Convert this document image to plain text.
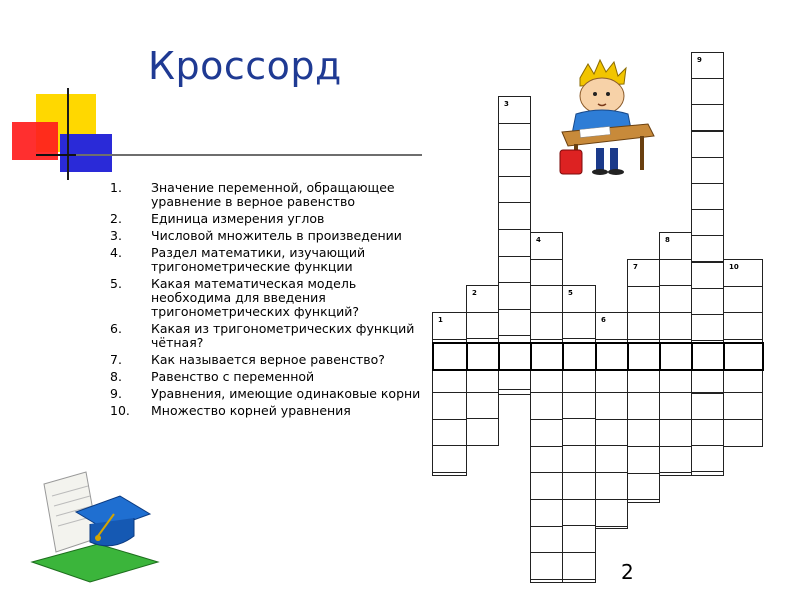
Кроссорд
1. Значение переменной, обращающее уравнение в верное равенство
2. Единица измерения углов
3. Числовой множитель в произведении
4. Раздел математики, изучающий тригонометрические функции
5. Какая математическая модель необходима для введения тригонометрических функций?
6. Какая из тригонометрических функций чётная?
7. Как называется верное равенство?
8. Равенство с переменной
9. Уравнения, имеющие одинаковые корни
10. Множество корней уравнения
1
2
3
4
5
6
7
8
9
10
2
